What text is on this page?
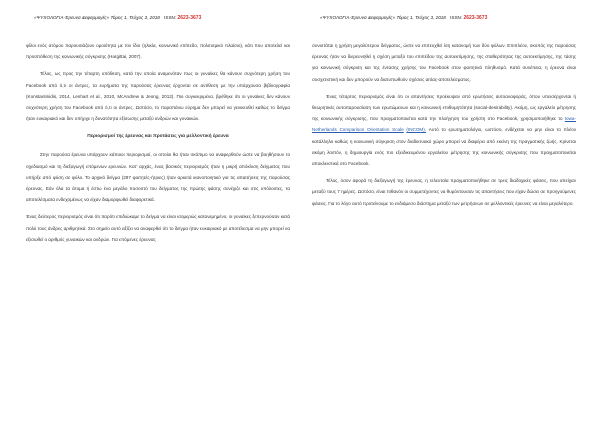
«ΨΥΧΟΛΟΓΙΑ-Έρευνα &εφαρμογές» Τόμος 1, Τεύχος 3, 2018 ISSN: 2623-3673

φίλοι ενός ατόμου παρουσιάζουν ομοιότητα με τον ίδιο (ηλικία, κοινωνικό επίπεδο, πολιτισμικό πλαίσιο), κάτι που αποτελεί και προϋπόθεση της κοινωνικής σύγκρισης (Hargittai, 2007).

Τέλος, ως προς την τέταρτη υπόθεση, κατά την οποία αναμενόταν πως οι γυναίκες θα κάνουν συχνότερη χρήση του Facebook από ό,τι οι άντρες, τα ευρήματα της παρούσας έρευνας έρχονται σε αντίθεση με την υπάρχουσα βιβλιογραφία (Konstantinidis, 2014, Lenhart et al., 2010, McAndrew & Jeong, 2012). Πιο συγκεκριμένα, βρέθηκε ότι οι γυναίκες δεν κάνουν συχνότερη χρήση του Facebook από ό,τι οι άντρες. Ωστόσο, το παραπάνω εύρημα δεν μπορεί να γενικευθεί καθώς το δείγμα ήταν ευκαιριακό και δεν υπήρχε η δυνατότητα εξίσωσης μεταξύ ανδρών και γυναικών.

Περιορισμοί της έρευνας και προτάσεις για μελλοντική έρευνα

Στην παρούσα έρευνα υπάρχουν κάποιοι περιορισμοί, οι οποίοι θα ήταν σκόπιμο να αναφερθούν ώστε να βοηθήσουν το σχεδιασμό και τη διεξαγωγή επόμενων ερευνών. Κατ' αρχάς, ένας βασικός περιορισμός ήταν η μικρή απόκλιση δείγματος που υπήρξε από φύση σε φύλο. Το αρχικό δείγμα (297 φοιτητές-ήτριες) ήταν αρκετά ικανοποιητικό για τις απαιτήσεις της παρούσας έρευνας. Εάν όλα τα άτομα ή έστω ένα μεγάλο ποσοστό του δείγματος της πρώτης φάσης συνέχιζε και στις υπόλοιπες, τα αποτελέσματα ενδεχομένως να είχαν διαμορφωθεί διαφορετικά.

Ένας δεύτερος περιορισμός είναι ότι παρότι επιδιώκαμε το δείγμα να είναι ισομερώς κατανεμημένο, οι γυναίκες ξεπερνούσαν κατά πολύ τους άνδρες αριθμητικά. Στο σημείο αυτό αξίζει να αναφερθεί ότι το δείγμα ήταν ευκαιριακό με αποτέλεσμα να μην μπορεί να εξισωθεί ο αριθμός γυναικών και ανδρών. Για επόμενες έρευνας

«ΨΥΧΟΛΟΓΙΑ-Έρευνα &εφαρμογές» Τόμος 1, Τεύχος 3, 2018 ISSN: 2623-3673

συνιστάται η χρήση μεγαλύτερου δείγματος, ώστε να επιτευχθεί ίση κατανομή των δύο φύλων. Επιπλέον, σκοπός της παρούσας έρευνας ήταν να διερευνηθεί η σχέση μεταξύ του επιπέδου της αυτοεκτίμησης, της σταθερότητας της αυτοεκτίμησης, της τάσης για κοινωνική σύγκριση και της έντασης χρήσης του Facebook στον φοιτητικό πληθυσμό. Κατά συνέπεια, η έρευνα είναι συσχετιστική και δεν μπορούν να διατυπωθούν σχέσεις αιτίας-αποτελέσματος.

Ένας τέταρτος περιορισμός είναι ότι οι απαντήσεις προέκυψαν από ερωτήσεις αυτοαναφοράς, όπου υπεισέρχονται ή θεωρητικές αυτοπαρουσίαση των ερωτώμενων και η κοινωνική επιθυμητότητα (social-desirability). Ακόμη, ως εργαλείο μέτρησης της κοινωνικής σύγκρισης, που πραγματοποιείται κατά την πλοήγηση του χρήστη στο Facebook, χρησιμοποιήθηκε το Iowa-Netherlands Comparison Orientation Scale (INCOM). Αυτό το ερωτηματολόγιο, ωστόσο, ενδέχεται να μην είναι το πλέον κατάλληλο καθώς η κοινωνική σύγκριση στον διαδικτυακό χώρο μπορεί να διαφέρει από εκείνη της πραγματικής ζωής. Κρίνεται ακόμη λοιπόν, η δημιουργία ενός πιο εξειδικευμένου εργαλείου μέτρησης της κοινωνικής σύγκρισης που πραγματοποιείται αποκλειστικά στο Facebook.

Τέλος, όσον αφορά τη διεξαγωγή της έρευνας, η τελευταία πραγματοποιήθηκε σε τρεις διαδοχικές φάσεις, που απείχαν μεταξύ τους 7 ημέρες. Ωστόσο, είναι πιθανόν οι συμμετέχοντες να θυμόντουσαν τις απαντήσεις που είχαν δώσει σε προηγούμενες φάσεις. Για το λόγο αυτό προτείνουμε το ενδιάμεσο διάστημα μεταξύ των μετρήσεων σε μελλοντικές έρευνες να είναι μεγαλύτερο.
